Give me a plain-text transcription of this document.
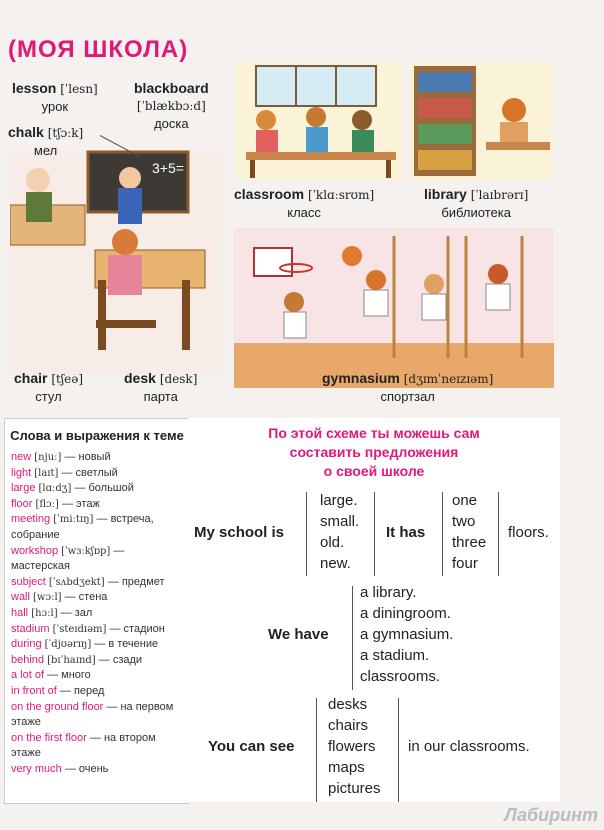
(МОЯ ШКОЛА)
3+5=
lesson [ˈlesn]
урок
blackboard
[ˈblækbɔːd]
доска
chalk [tʃɔːk]
мел
chair [tʃeə]
стул
desk [desk]
парта
classroom [ˈklɑːsrʊm]
класс
library [ˈlaɪbrərɪ]
библиотека
gymnasium [dʒɪmˈneɪzɪəm]
спортзал
Слова и выражения к теме
new [njuː] — новый
light [laɪt] — светлый
large [lɑːdʒ] — большой
floor [flɔː] — этаж
meeting [ˈmiːtɪŋ] — встреча, собрание
workshop [ˈwɜːkʃɒp] — мастерская
subject [ˈsʌbdʒekt] — предмет
wall [wɔːl] — стена
hall [hɔːl] — зал
stadium [ˈsteɪdɪəm] — стадион
during [ˈdjʊərɪŋ] — в течение
behind [bɪˈhaɪnd] — сзади
a lot of — много
in front of — перед
on the ground floor — на первом этаже
on the first floor — на втором этаже
very much — очень
По этой схеме ты можешь сам
составить предложения
о своей школе
My school is
large.
small.
old.
new.
It has
one
two
three
four
floors.
We have
a library.
a diningroom.
a gymnasium.
a stadium.
classrooms.
You can see
desks
chairs
flowers
maps
pictures
in our classrooms.
Лабиринт
